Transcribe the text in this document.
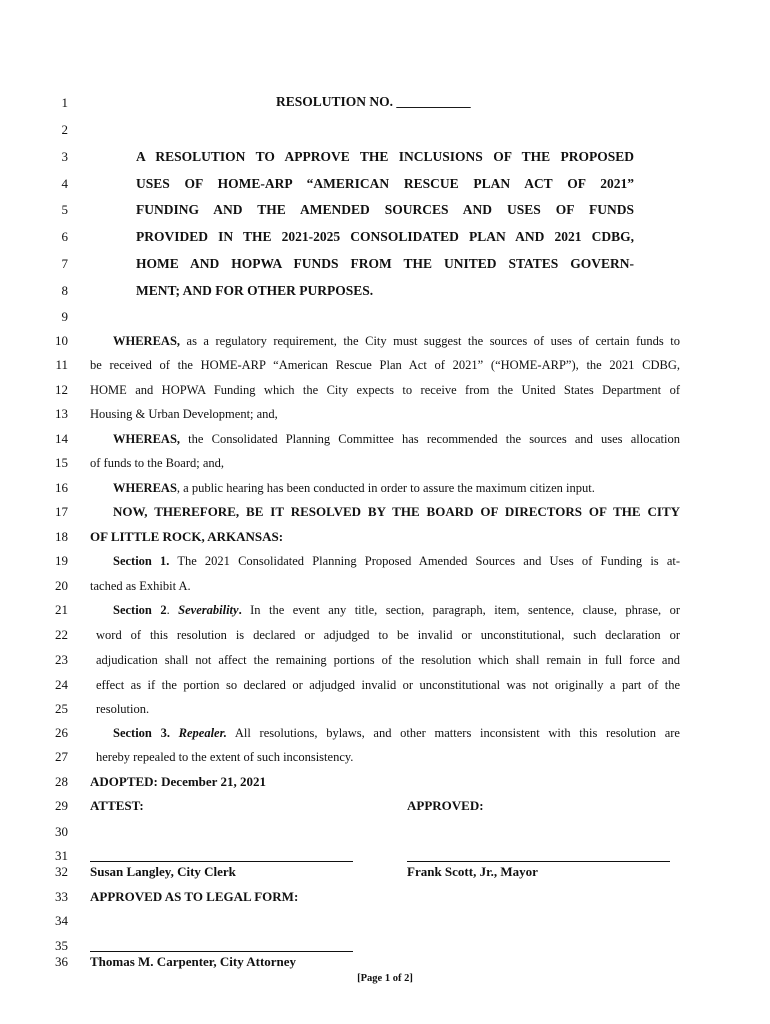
1
2
3
4
5
6
7
8
9
10
11
12
13
14
15
16
17
18
19
20
21
22
23
24
25
26
27
28
29
30
31
32
33
34
35
36
RESOLUTION NO. ___________
A RESOLUTION TO APPROVE THE INCLUSIONS OF THE PROPOSED
USES OF HOME-ARP “AMERICAN RESCUE PLAN ACT OF 2021”
FUNDING AND THE AMENDED SOURCES AND USES OF FUNDS
PROVIDED IN THE 2021-2025 CONSOLIDATED PLAN AND 2021 CDBG,
HOME AND HOPWA FUNDS FROM THE UNITED STATES GOVERN-
MENT; AND FOR OTHER PURPOSES.
WHEREAS, as a regulatory requirement, the City must suggest the sources of uses of certain funds to
be received of the HOME-ARP “American Rescue Plan Act of 2021” (“HOME-ARP”), the 2021 CDBG,
HOME and HOPWA Funding which the City expects to receive from the United States Department of
Housing & Urban Development; and,
WHEREAS, the Consolidated Planning Committee has recommended the sources and uses allocation
of funds to the Board; and,
WHEREAS, a public hearing has been conducted in order to assure the maximum citizen input.
NOW, THEREFORE, BE IT RESOLVED BY THE BOARD OF DIRECTORS OF THE CITY
OF LITTLE ROCK, ARKANSAS:
Section 1. The 2021 Consolidated Planning Proposed Amended Sources and Uses of Funding is at-
tached as Exhibit A.
Section 2. Severability. In the event any title, section, paragraph, item, sentence, clause, phrase, or
word of this resolution is declared or adjudged to be invalid or unconstitutional, such declaration or
adjudication shall not affect the remaining portions of the resolution which shall remain in full force and
effect as if the portion so declared or adjudged invalid or unconstitutional was not originally a part of the
resolution.
Section 3. Repealer. All resolutions, bylaws, and other matters inconsistent with this resolution are
hereby repealed to the extent of such inconsistency.
ADOPTED: December 21, 2021
ATTEST:	APPROVED:
Susan Langley, City Clerk	Frank Scott, Jr., Mayor
APPROVED AS TO LEGAL FORM:
Thomas M. Carpenter, City Attorney
[Page 1 of 2]
